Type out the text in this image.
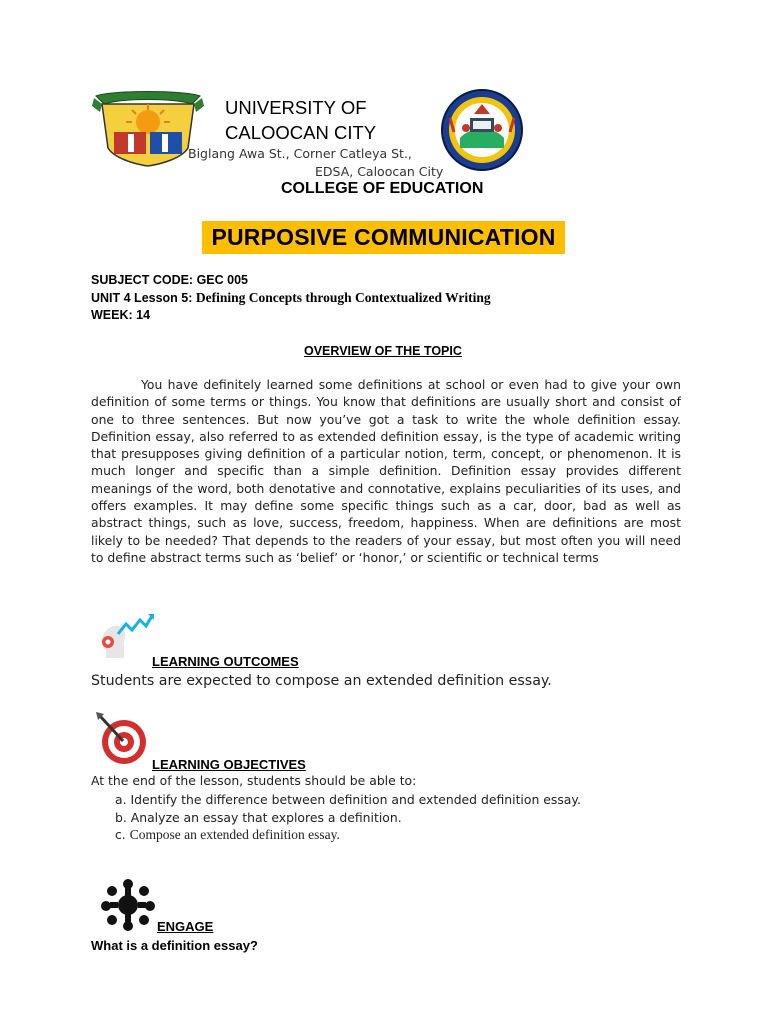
UNIVERSITY OF
CALOOCAN CITY
Biglang Awa St., Corner Catleya St.,
EDSA, Caloocan City
COLLEGE OF EDUCATION
PURPOSIVE COMMUNICATION
SUBJECT CODE: GEC 005
UNIT 4 Lesson 5: Defining Concepts through Contextualized Writing
WEEK: 14
OVERVIEW OF THE TOPIC

You have definitely learned some definitions at school or even had to give your own definition of some terms or things. You know that definitions are usually short and consist of one to three sentences. But now you’ve got a task to write the whole definition essay. Definition essay, also referred to as extended definition essay, is the type of academic writing that presupposes giving definition of a particular notion, term, concept, or phenomenon. It is much longer and specific than a simple definition. Definition essay provides different meanings of the word, both denotative and connotative, explains peculiarities of its uses, and offers examples. It may define some specific things such as a car, door, bad as well as abstract things, such as love, success, freedom, happiness. When are definitions are most likely to be needed? That depends to the readers of your essay, but most often you will need to define abstract terms such as ‘belief’ or ‘honor,’ or scientific or technical terms

LEARNING OUTCOMES
Students are expected to compose an extended definition essay.
LEARNING OBJECTIVES
At the end of the lesson, students should be able to:
a. Identify the difference between definition and extended definition essay.
b. Analyze an essay that explores a definition.
c. Compose an extended definition essay.
ENGAGE
What is a definition essay?
